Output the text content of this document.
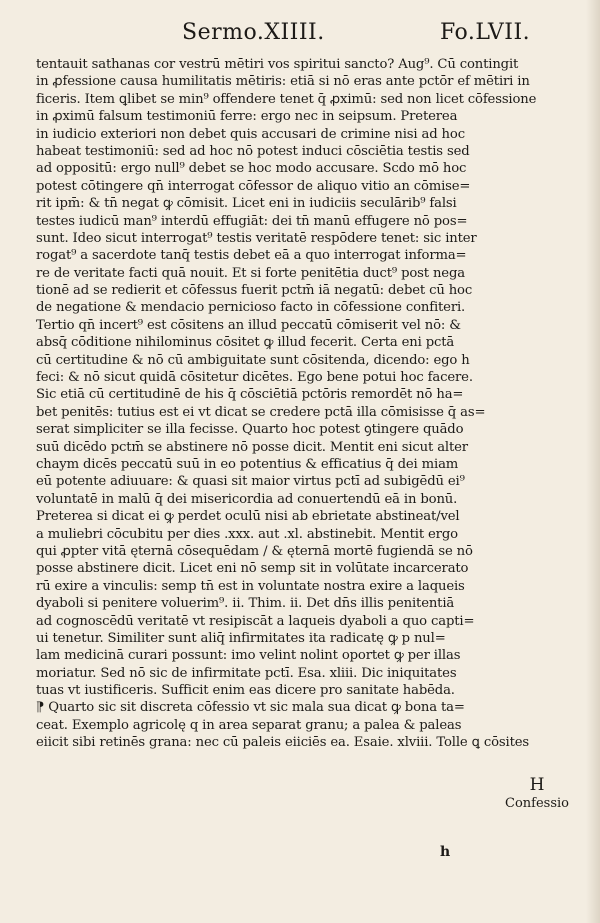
Sermo.XIIII.	Fo.LVII.
tentauit sathanas cor vestrū mētiri vos spiritui sancto? Aug⁹. Cū contingit
in ꝓfessione causa humilitatis mētiris: etiā si nō eras ante pctōr ef mētiri in
ficeris. Item ꝗlibet se min⁹ offendere tenet̄ q̄ ꝓximū: sed non licet cōfessione
in ꝓximū falsum testimoniū ferre: ergo nec in seipsum. Preterea
in iudicio exteriori non debet quis accusari de crimine nisi ad hoc
habeat̄ testimoniū: sed ad hoc nō potest induci cōsciētia testis sed
ad oppositū: ergo null⁹ debet se hoc modo accusare. Scd̄o mō hoc
potest cōtingere qn̄ interrogat cōfessor de aliquo vitio an cōmise=
rit ipm̄: & tn̄ negat ꝙ cōmisit. Licet eni in iudiciis seculārib⁹ falsi
testes iudicū man⁹ interdū effugiāt: dei tn̄ manū effugere nō pos=
sunt. Ideo sicut interrogat⁹ testis veritatē respōdere tenet̄: sic inter
rogat⁹ a sacerdote tanq̄ testis debet eā a quo interrogat̄ informa=
re de veritate facti quā nouit. Et si forte penitētia duct⁹ post nega
tionē ad se redierit et cōfessus fuerit pctm̄ iā negatū: debet cū hoc
de negatione & mendacio pernicioso facto in cōfessione confiteri.
Tertio qn̄ incert⁹ est cōsitens an illud peccatū cōmiserit vel nō: &
absq̄ cōditione nihilominus cōsitet̄ ꝙ illud fecerit. Certa eni pctā
cū certitudine & nō cū ambiguitate sunt cōsitenda, dicendo: ego h
feci: & nō sicut quidā cōsitetur dicētes. Ego bene potui hoc facere.
Sic etiā cū certitudinē de his q̄ cōsciētiā pctōris remordēt nō ha=
bet penitēs: tutius est ei vt dicat se credere pctā illa cōmisisse q̄ as=
serat simpliciter se illa fecisse. Quarto hoc potest ꝯtingere quādo
suū dicēdo pctm̄ se abstinere nō posse dicit. Mentit̄ eni sicut alter
chaym dicēs peccatū suū in eo potentius & efficatius q̄ dei miam
eū potente adiuuare: & quasi sit maior virtus pctī ad subigēdū ei⁹
voluntatē in malū q̄ dei misericordia ad conuertendū eā in bonū.
Preterea si dicat̄ ei ꝙ perdet oculū nisi ab ebrietate abstineat/vel
a muliebri cōcubitu per dies .xxx. aut .xl. abstinebit. Mentit̄ ergo
qui ꝓpter vitā ęternā cōsequēdam / & ęternā mortē fugiendā se nō
posse abstinere dicit. Licet eni nō semp sit in volūtate incarcerato
rū exire a vinculis: semp tn̄ est in voluntate nostra exire a laqueis
dyaboli si penitere voluerim⁹. ii. Thim. ii. Det dn̄s illis penitentiā
ad cognoscēdū veritatē vt resipiscāt a laqueis dyaboli a quo capti=
ui tenetur. Similiter sunt aliq̄ infirmitates ita radicatę ꝙ p nul=
lam medicinā curari possunt: imo velint nolint oportet ꝙ per illas
moriatur. Sed nō sic de infirmitate pctī. Esa. xliii. Dic iniquitates
tuas vt iustificeris. Sufficit enim eas dicere pro sanitate habēda.
⁋ Quarto sic sit discreta cōfessio vt sic mala sua dicat ꝙ bona ta=
ceat. Exemplo agricolę q in area separat granu; a palea & paleas
eiicit sibi retinēs grana: nec cū paleis eiiciēs ea. Esaie. xlviii. Tolle ꝗ cōsites
H
Confessio
h
